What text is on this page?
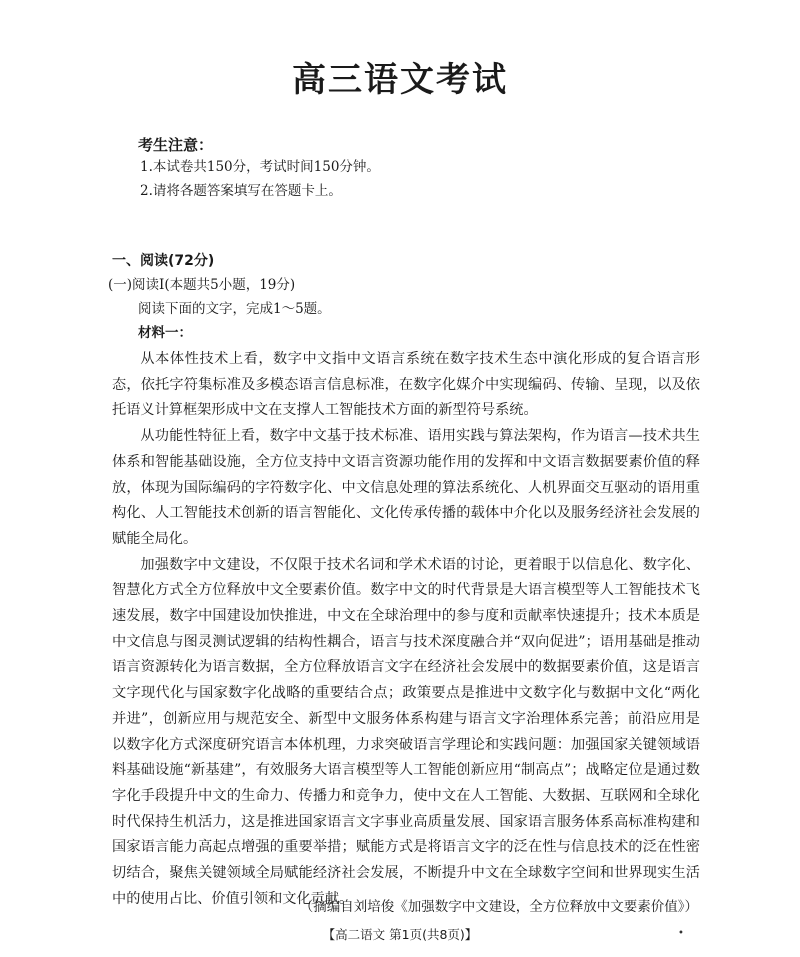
高三语文考试
考生注意：
1.本试卷共150分，考试时间150分钟。
2.请将各题答案填写在答题卡上。
一、阅读(72分)
(一)阅读Ⅰ(本题共5小题，19分)
阅读下面的文字，完成1～5题。
材料一：

从本体性技术上看，数字中文指中文语言系统在数字技术生态中演化形成的复合语言形态，依托字符集标准及多模态语言信息标准，在数字化媒介中实现编码、传输、呈现，以及依托语义计算框架形成中文在支撑人工智能技术方面的新型符号系统。

从功能性特征上看，数字中文基于技术标准、语用实践与算法架构，作为语言—技术共生体系和智能基础设施，全方位支持中文语言资源功能作用的发挥和中文语言数据要素价值的释放，体现为国际编码的字符数字化、中文信息处理的算法系统化、人机界面交互驱动的语用重构化、人工智能技术创新的语言智能化、文化传承传播的载体中介化以及服务经济社会发展的赋能全局化。

加强数字中文建设，不仅限于技术名词和学术术语的讨论，更着眼于以信息化、数字化、智慧化方式全方位释放中文全要素价值。数字中文的时代背景是大语言模型等人工智能技术飞速发展，数字中国建设加快推进，中文在全球治理中的参与度和贡献率快速提升；技术本质是中文信息与图灵测试逻辑的结构性耦合，语言与技术深度融合并“双向促进”；语用基础是推动语言资源转化为语言数据，全方位释放语言文字在经济社会发展中的数据要素价值，这是语言文字现代化与国家数字化战略的重要结合点；政策要点是推进中文数字化与数据中文化“两化并进”，创新应用与规范安全、新型中文服务体系构建与语言文字治理体系完善；前沿应用是以数字化方式深度研究语言本体机理，力求突破语言学理论和实践问题：加强国家关键领域语料基础设施“新基建”，有效服务大语言模型等人工智能创新应用“制高点”；战略定位是通过数字化手段提升中文的生命力、传播力和竞争力，使中文在人工智能、大数据、互联网和全球化时代保持生机活力，这是推进国家语言文字事业高质量发展、国家语言服务体系高标准构建和国家语言能力高起点增强的重要举措；赋能方式是将语言文字的泛在性与信息技术的泛在性密切结合，聚焦关键领域全局赋能经济社会发展，不断提升中文在全球数字空间和世界现实生活中的使用占比、价值引领和文化贡献。

（摘编自刘培俊《加强数字中文建设，全方位释放中文要素价值》）
【高二语文 第1页(共8页)】	•
